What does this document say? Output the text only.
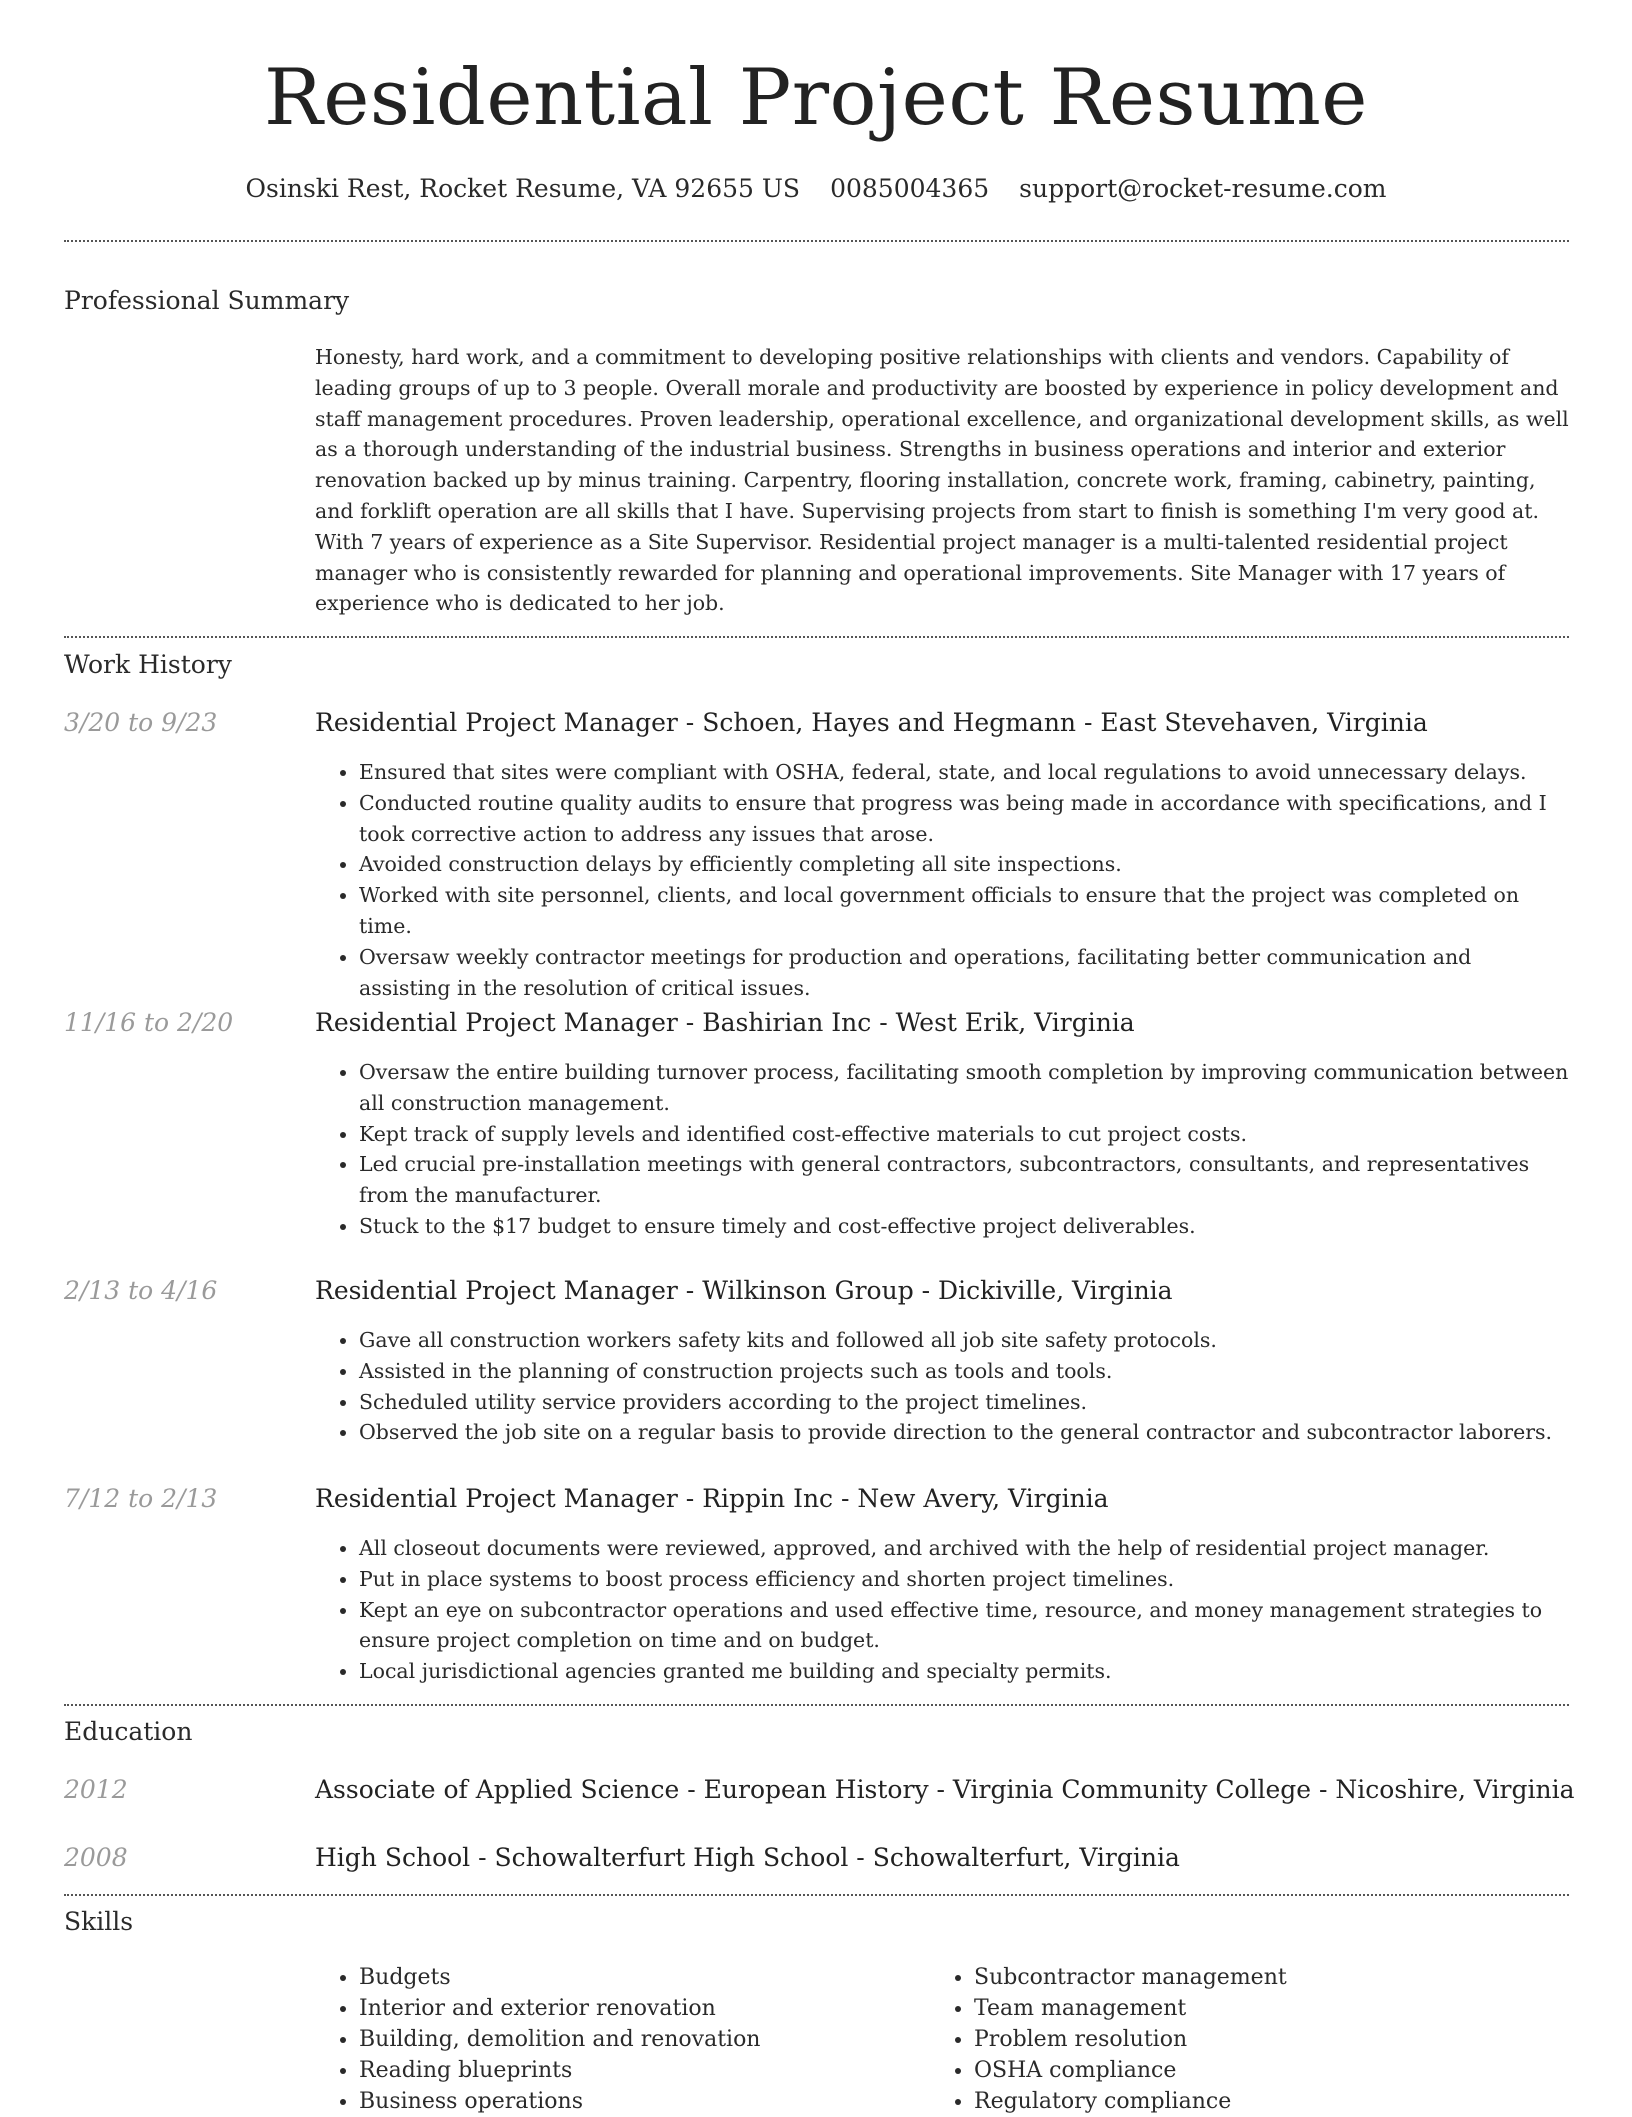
Residential Project Resume
Osinski Rest, Rocket Resume, VA 92655 US 0085004365 support@rocket-resume.com
Professional Summary

Honesty, hard work, and a commitment to developing positive relationships with clients and vendors. Capability of leading groups of up to 3 people. Overall morale and productivity are boosted by experience in policy development and staff management procedures. Proven leadership, operational excellence, and organizational development skills, as well as a thorough understanding of the industrial business. Strengths in business operations and interior and exterior renovation backed up by minus training. Carpentry, flooring installation, concrete work, framing, cabinetry, painting, and forklift operation are all skills that I have. Supervising projects from start to finish is something I'm very good at. With 7 years of experience as a Site Supervisor. Residential project manager is a multi-talented residential project manager who is consistently rewarded for planning and operational improvements. Site Manager with 17 years of experience who is dedicated to her job.

Work History
3/20 to 9/23	Residential Project Manager - Schoen, Hayes and Hegmann - East Stevehaven, Virginia
• Ensured that sites were compliant with OSHA, federal, state, and local regulations to avoid unnecessary delays.
• Conducted routine quality audits to ensure that progress was being made in accordance with specifications, and I took corrective action to address any issues that arose.
• Avoided construction delays by efficiently completing all site inspections.
• Worked with site personnel, clients, and local government officials to ensure that the project was completed on time.
• Oversaw weekly contractor meetings for production and operations, facilitating better communication and assisting in the resolution of critical issues.
11/16 to 2/20	Residential Project Manager - Bashirian Inc - West Erik, Virginia
• Oversaw the entire building turnover process, facilitating smooth completion by improving communication between all construction management.
• Kept track of supply levels and identified cost-effective materials to cut project costs.
• Led crucial pre-installation meetings with general contractors, subcontractors, consultants, and representatives from the manufacturer.
• Stuck to the $17 budget to ensure timely and cost-effective project deliverables.
2/13 to 4/16	Residential Project Manager - Wilkinson Group - Dickiville, Virginia
• Gave all construction workers safety kits and followed all job site safety protocols.
• Assisted in the planning of construction projects such as tools and tools.
• Scheduled utility service providers according to the project timelines.
• Observed the job site on a regular basis to provide direction to the general contractor and subcontractor laborers.
7/12 to 2/13	Residential Project Manager - Rippin Inc - New Avery, Virginia
• All closeout documents were reviewed, approved, and archived with the help of residential project manager.
• Put in place systems to boost process efficiency and shorten project timelines.
• Kept an eye on subcontractor operations and used effective time, resource, and money management strategies to ensure project completion on time and on budget.
• Local jurisdictional agencies granted me building and specialty permits.
Education
2012	Associate of Applied Science - European History - Virginia Community College - Nicoshire, Virginia
2008	High School - Schowalterfurt High School - Schowalterfurt, Virginia
Skills
• Budgets
• Interior and exterior renovation
• Building, demolition and renovation
• Reading blueprints
• Business operations
• Subcontractor management
• Team management
• Problem resolution
• OSHA compliance
• Regulatory compliance
